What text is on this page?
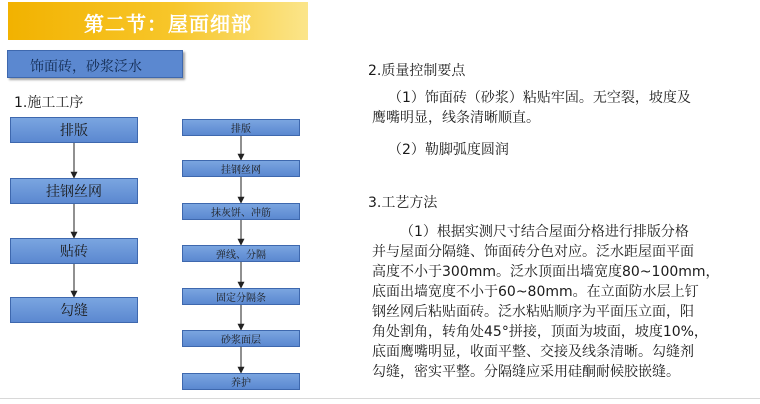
第二节：屋面细部
饰面砖，砂浆泛水
1.施工工序
排版
挂钢丝网
贴砖
勾缝
排版
挂钢丝网
抹灰饼、冲筋
弹线、分隔
固定分隔条
砂浆面层
养护
2.质量控制要点
（1）饰面砖（砂浆）粘贴牢固。无空裂，坡度及
鹰嘴明显，线条清晰顺直。
（2）勒脚弧度圆润
3.工艺方法
（1）根据实测尺寸结合屋面分格进行排版分格
并与屋面分隔缝、饰面砖分色对应。泛水距屋面平面
高度不小于300mm。泛水顶面出墙宽度80~100mm，
底面出墙宽度不小于60~80mm。在立面防水层上钉
钢丝网后粘贴面砖。泛水粘贴顺序为平面压立面，阳
角处割角，转角处45°拼接，顶面为坡面，坡度10%，
底面鹰嘴明显，收面平整、交接及线条清晰。勾缝剂
勾缝，密实平整。分隔缝应采用硅酮耐候胶嵌缝。
